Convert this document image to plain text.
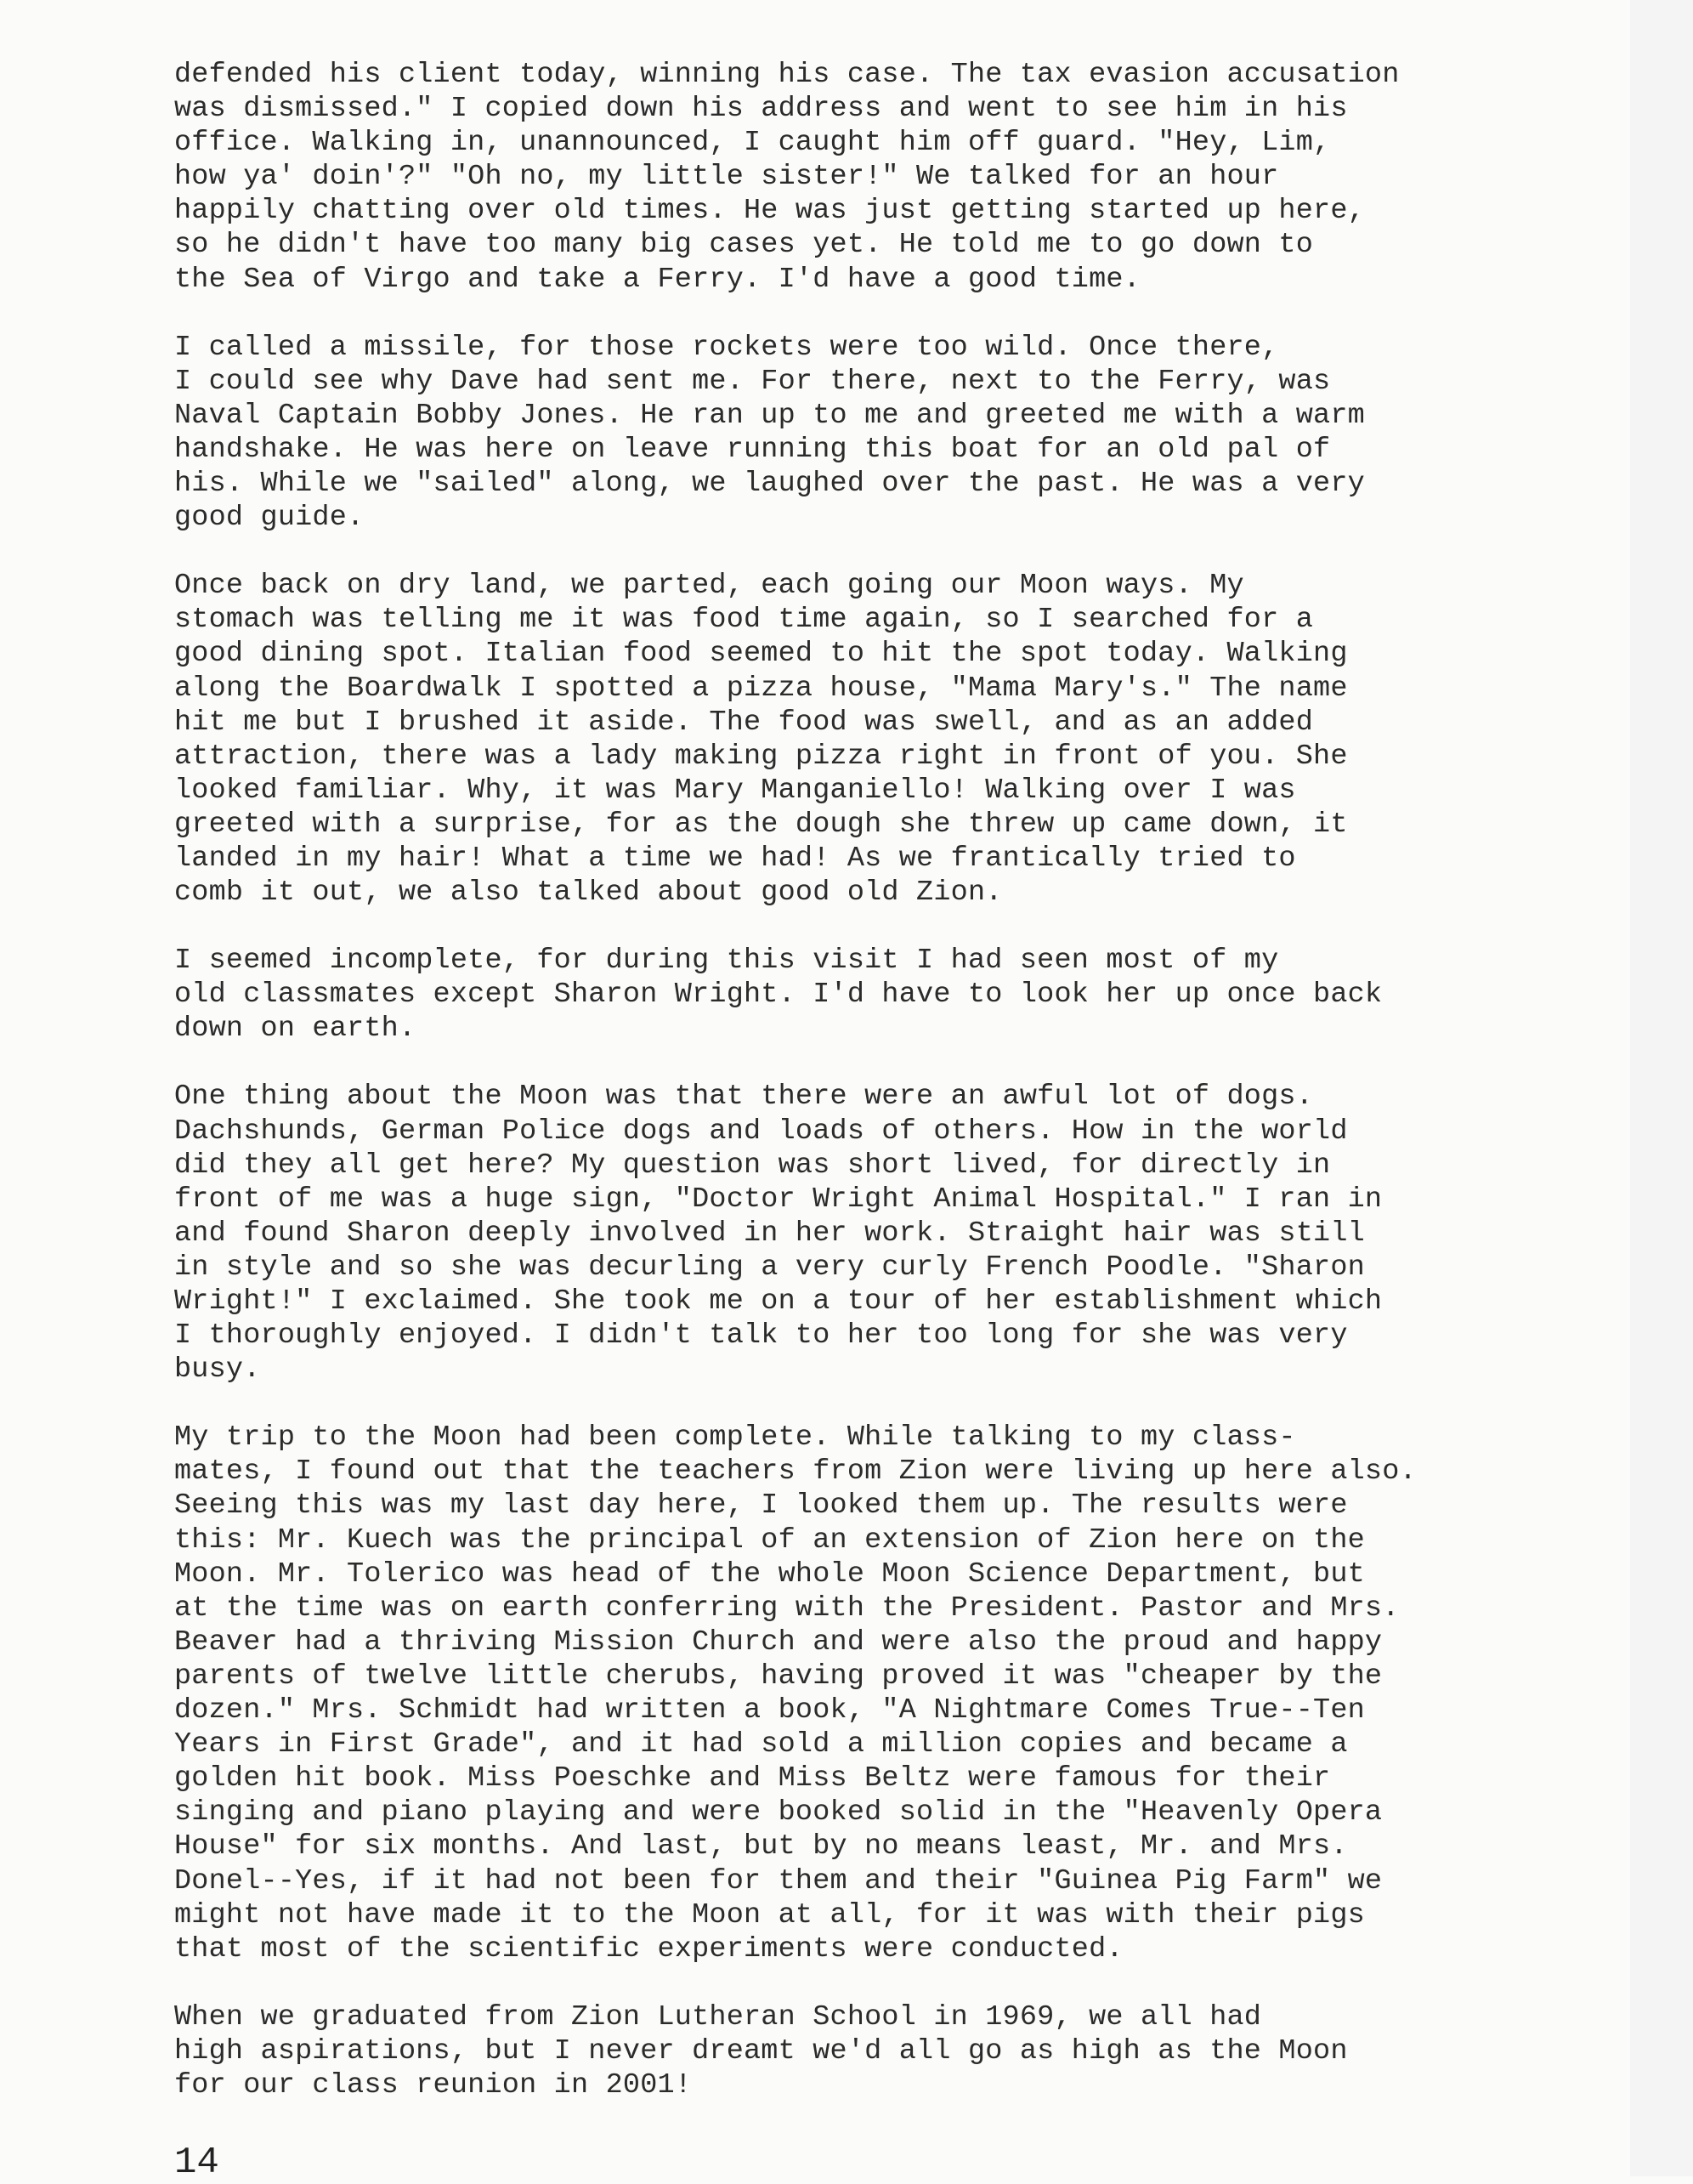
defended his client today, winning his case. The tax evasion accusation
was dismissed." I copied down his address and went to see him in his
office. Walking in, unannounced, I caught him off guard. "Hey, Lim,
how ya' doin'?" "Oh no, my little sister!" We talked for an hour
happily chatting over old times. He was just getting started up here,
so he didn't have too many big cases yet. He told me to go down to
the Sea of Virgo and take a Ferry. I'd have a good time.

I called a missile, for those rockets were too wild. Once there,
I could see why Dave had sent me. For there, next to the Ferry, was
Naval Captain Bobby Jones. He ran up to me and greeted me with a warm
handshake. He was here on leave running this boat for an old pal of
his. While we "sailed" along, we laughed over the past. He was a very
good guide.

Once back on dry land, we parted, each going our Moon ways. My
stomach was telling me it was food time again, so I searched for a
good dining spot. Italian food seemed to hit the spot today. Walking
along the Boardwalk I spotted a pizza house, "Mama Mary's." The name
hit me but I brushed it aside. The food was swell, and as an added
attraction, there was a lady making pizza right in front of you. She
looked familiar. Why, it was Mary Manganiello! Walking over I was
greeted with a surprise, for as the dough she threw up came down, it
landed in my hair! What a time we had! As we frantically tried to
comb it out, we also talked about good old Zion.

I seemed incomplete, for during this visit I had seen most of my
old classmates except Sharon Wright. I'd have to look her up once back
down on earth.

One thing about the Moon was that there were an awful lot of dogs.
Dachshunds, German Police dogs and loads of others. How in the world
did they all get here? My question was short lived, for directly in
front of me was a huge sign, "Doctor Wright Animal Hospital." I ran in
and found Sharon deeply involved in her work. Straight hair was still
in style and so she was decurling a very curly French Poodle. "Sharon
Wright!" I exclaimed. She took me on a tour of her establishment which
I thoroughly enjoyed. I didn't talk to her too long for she was very
busy.

My trip to the Moon had been complete. While talking to my class-
mates, I found out that the teachers from Zion were living up here also.
Seeing this was my last day here, I looked them up. The results were
this: Mr. Kuech was the principal of an extension of Zion here on the
Moon. Mr. Tolerico was head of the whole Moon Science Department, but
at the time was on earth conferring with the President. Pastor and Mrs.
Beaver had a thriving Mission Church and were also the proud and happy
parents of twelve little cherubs, having proved it was "cheaper by the
dozen." Mrs. Schmidt had written a book, "A Nightmare Comes True--Ten
Years in First Grade", and it had sold a million copies and became a
golden hit book. Miss Poeschke and Miss Beltz were famous for their
singing and piano playing and were booked solid in the "Heavenly Opera
House" for six months. And last, but by no means least, Mr. and Mrs.
Donel--Yes, if it had not been for them and their "Guinea Pig Farm" we
might not have made it to the Moon at all, for it was with their pigs
that most of the scientific experiments were conducted.

When we graduated from Zion Lutheran School in 1969, we all had
high aspirations, but I never dreamt we'd all go as high as the Moon
for our class reunion in 2001!

14
